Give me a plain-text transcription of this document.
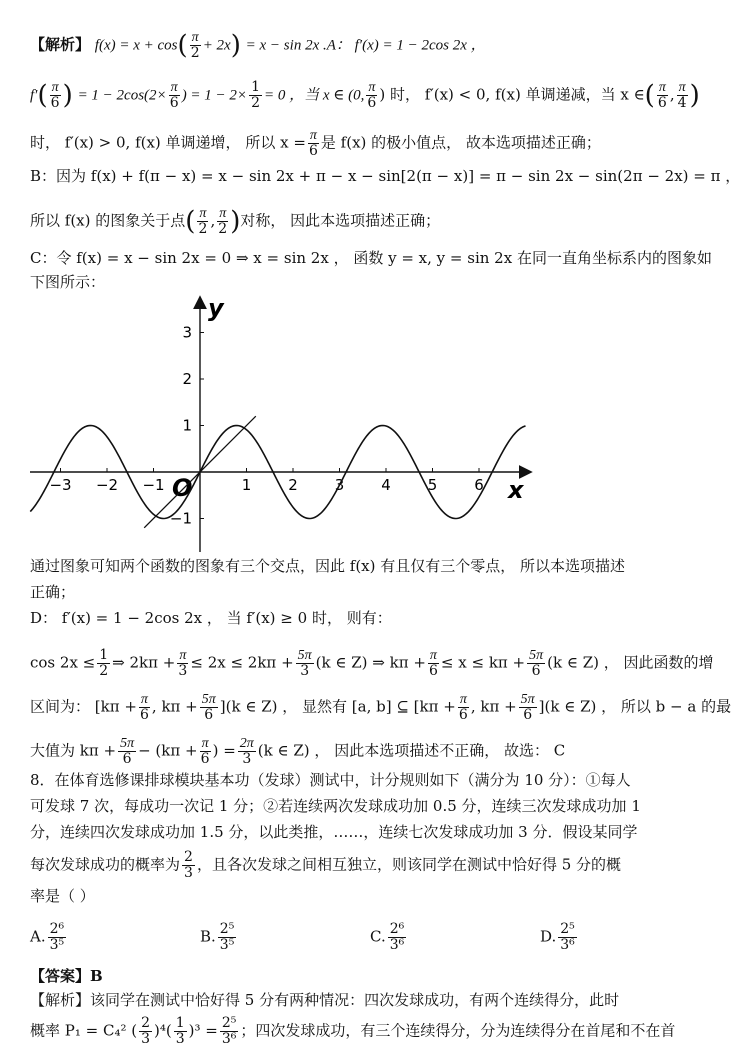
【解析】 $f(x) = x + \cos( \frac{\pi}{2} + 2x) = x - \sin 2x$ .A： f′(x) = 1 − 2cos 2x ，
$f'( \frac{\pi}{6}$ ) = $1 - 2\cos(2\times \frac{\pi}{6}$ ) = $1 - 2\times \frac{1}{2} = 0$ ，当 x ∈ (0, $\frac{\pi}{6}$ ) 时， f′(x) < 0, f(x) 单调递减，当 x ∈( $\frac{\pi}{6}$ , $\frac{\pi}{4}$ )
时， f′(x) > 0, f(x) 单调递增， 所以 $x = \frac{\pi}{6}$ 是 f(x) 的极小值点， 故本选项描述正确；
B：因为 f(x) + f(π − x) = x − sin 2x + π − x − sin[2(π − x)] = π − sin 2x − sin(2π − 2x) = π ，
所以 f(x) 的图象关于点( $\frac{\pi}{2}$ , $\frac{\pi}{2}$ )对称， 因此本选项描述正确；
C：令 f(x) = x − sin 2x = 0 ⇒ x = sin 2x ， 函数 y = x, y = sin 2x 在同一直角坐标系内的图象如
下图所示：
x
y
O
−3 −2 −1	1 2 3 4 5 6
3
2
1
−1
通过图象可知两个函数的图象有三个交点，因此 f(x) 有且仅有三个零点， 所以本选项描述
正确；
D： f′(x) = 1 − 2cos 2x ， 当 f′(x) ≥ 0 时， 则有：
$\cos 2x \le \frac{1}{2}$ ⇒ $2k\pi + \frac{\pi}{3} \le 2x \le 2k\pi + \frac{5\pi}{3} (k$ ∈ Z) ⇒ $k\pi + \frac{\pi}{6} \le x \le k\pi + \frac{5\pi}{6} (k$ ∈ Z) ， 因此函数的增
区间为： [$k\pi + \frac{\pi}{6}$ , $k\pi + \frac{5\pi}{6} ](k$ ∈ Z) ， 显然有 [a, b] ⊆ [$k\pi + \frac{\pi}{6}$ , $k\pi + \frac{5\pi}{6} ](k$ ∈ Z) ， 所以 b − a 的最
大值为 $k\pi + \frac{5\pi}{6} - (k\pi + \frac{\pi}{6}$ ) = $\frac{2\pi}{3} (k$ ∈ Z) ， 因此本选项描述不正确， 故选： C
8．在体育选修课排球模块基本功（发球）测试中，计分规则如下（满分为 10 分）：①每人
可发球 7 次，每成功一次记 1 分；②若连续两次发球成功加 0.5 分，连续三次发球成功加 1
分，连续四次发球成功加 1.5 分，以此类推，……，连续七次发球成功加 3 分．假设某同学
每次发球成功的概率为 $\frac{2}{3}$ ，且各次发球之间相互独立，则该同学在测试中恰好得 5 分的概
率是（ ）
A. $\frac{\text{2⁶}}{\text{3⁵}}$	B. $\frac{\text{2⁵}}{\text{3⁵}}$	C. $\frac{\text{2⁶}}{\text{3⁶}}$	D. $\frac{\text{2⁵}}{\text{3⁶}}$
【答案】B
【解析】该同学在测试中恰好得 5 分有两种情况：四次发球成功，有两个连续得分，此时
概率 P₁ = C₄² ( $\frac{2}{3} )^4( \frac{1}{3} )^3 = \frac{\text{2⁵}}{\text{3⁶}}$ ；四次发球成功，有三个连续得分，分为连续得分在首尾和不在首
